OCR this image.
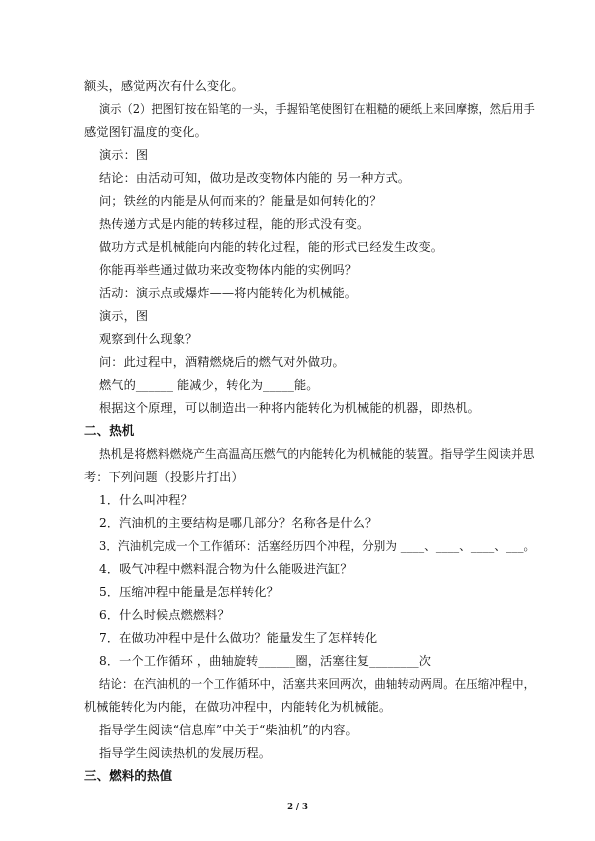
额头，感觉两次有什么变化。
演示（2）把图钉按在铅笔的一头，手握铅笔使图钉在粗糙的硬纸上来回摩擦，然后用手
感觉图钉温度的变化。
演示：图
结论：由活动可知，做功是改变物体内能的 另一种方式。
问；铁丝的内能是从何而来的？能量是如何转化的？
热传递方式是内能的转移过程，能的形式没有变。
做功方式是机械能向内能的转化过程，能的形式已经发生改变。
你能再举些通过做功来改变物体内能的实例吗？
活动：演示点或爆炸——将内能转化为机械能。
演示，图
观察到什么现象？
问：此过程中，酒精燃烧后的燃气对外做功。
燃气的______ 能减少，转化为_____能。
根据这个原理，可以制造出一种将内能转化为机械能的机器，即热机。
二、热机
热机是将燃料燃烧产生高温高压燃气的内能转化为机械能的装置。指导学生阅读并思
考：下列问题（投影片打出）
1．什么叫冲程？
2．汽油机的主要结构是哪几部分？名称各是什么？
3．汽油机完成一个工作循环：活塞经历四个冲程，分别为 ____、____、____、___。
4．吸气冲程中燃料混合物为什么能吸进汽缸？
5．压缩冲程中能量是怎样转化？
6．什么时候点燃燃料？
7．在做功冲程中是什么做功？能量发生了怎样转化
8．一个工作循环 ，曲轴旋转______圈，活塞往复________次
结论：在汽油机的一个工作循环中，活塞共来回两次，曲轴转动两周。在压缩冲程中，
机械能转化为内能，在做功冲程中，内能转化为机械能。
指导学生阅读“信息库”中关于“柴油机”的内容。
指导学生阅读热机的发展历程。
三、燃料的热值
2 / 3
